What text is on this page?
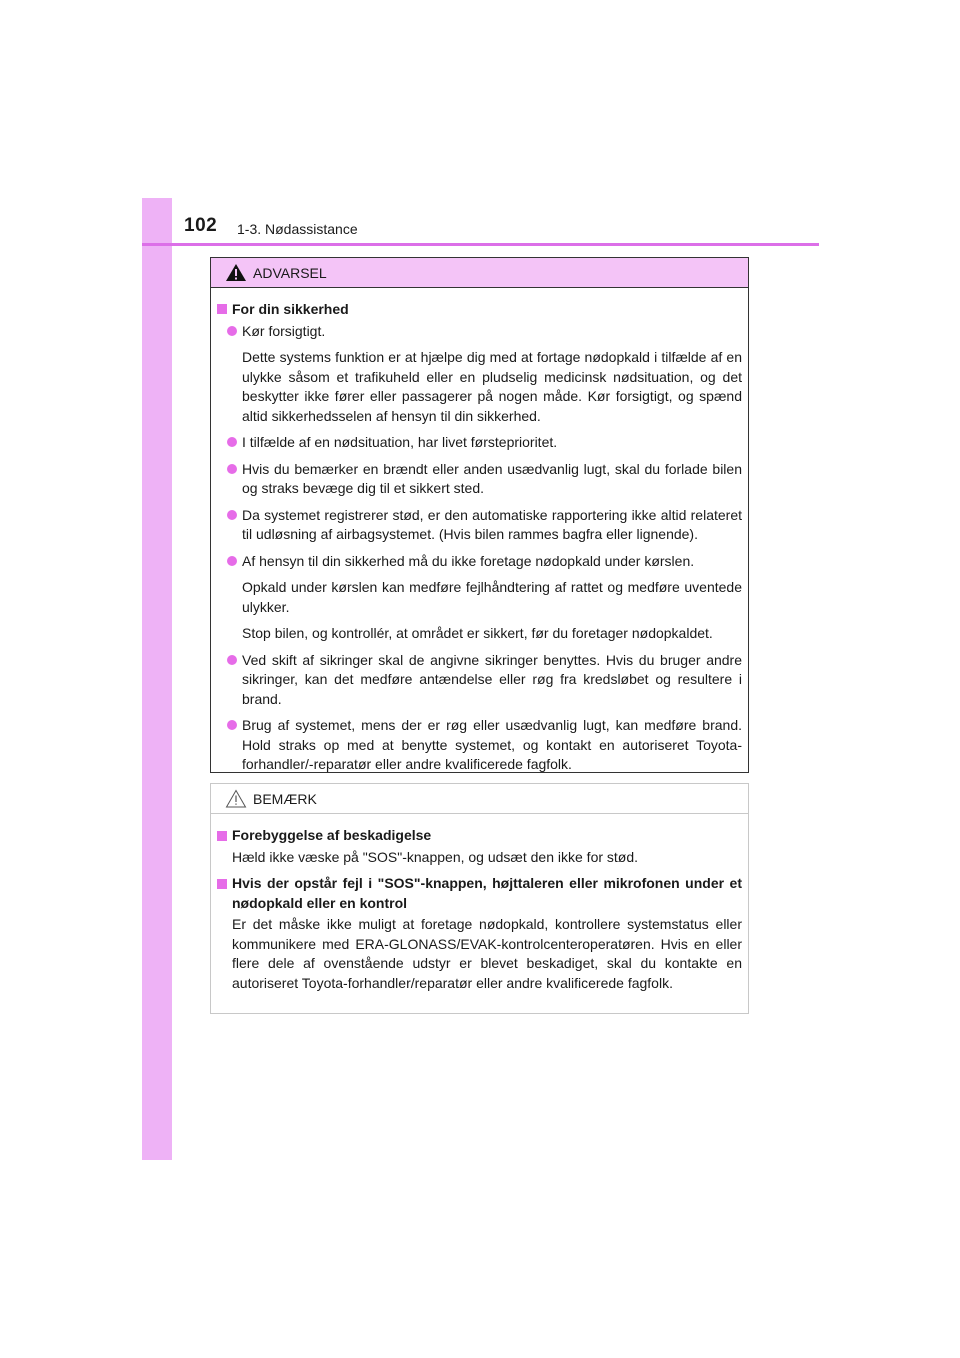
102 1-3. Nødassistance
ADVARSEL
For din sikkerhed
Kør forsigtigt.
Dette systems funktion er at hjælpe dig med at fortage nødopkald i tilfælde af en ulykke såsom et trafikuheld eller en pludselig medicinsk nødsituation, og det beskytter ikke fører eller passagerer på nogen måde. Kør forsigtigt, og spænd altid sikkerhedsselen af hensyn til din sikkerhed.
I tilfælde af en nødsituation, har livet førsteprioritet.
Hvis du bemærker en brændt eller anden usædvanlig lugt, skal du forlade bilen og straks bevæge dig til et sikkert sted.
Da systemet registrerer stød, er den automatiske rapportering ikke altid relateret til udløsning af airbagsystemet. (Hvis bilen rammes bagfra eller lignende).
Af hensyn til din sikkerhed må du ikke foretage nødopkald under kørslen.
Opkald under kørslen kan medføre fejlhåndtering af rattet og medføre uventede ulykker.
Stop bilen, og kontrollér, at området er sikkert, før du foretager nødopkaldet.
Ved skift af sikringer skal de angivne sikringer benyttes. Hvis du bruger andre sikringer, kan det medføre antændelse eller røg fra kredsløbet og resultere i brand.
Brug af systemet, mens der er røg eller usædvanlig lugt, kan medføre brand. Hold straks op med at benytte systemet, og kontakt en autoriseret Toyota-forhandler/-reparatør eller andre kvalificerede fagfolk.
BEMÆRK
Forebyggelse af beskadigelse
Hæld ikke væske på "SOS"-knappen, og udsæt den ikke for stød.
Hvis der opstår fejl i "SOS"-knappen, højttaleren eller mikrofonen under et nødopkald eller en kontrol
Er det måske ikke muligt at foretage nødopkald, kontrollere systemstatus eller kommunikere med ERA-GLONASS/EVAK-kontrolcenteroperatøren. Hvis en eller flere dele af ovenstående udstyr er blevet beskadiget, skal du kontakte en autoriseret Toyota-forhandler/reparatør eller andre kvalificerede fagfolk.
